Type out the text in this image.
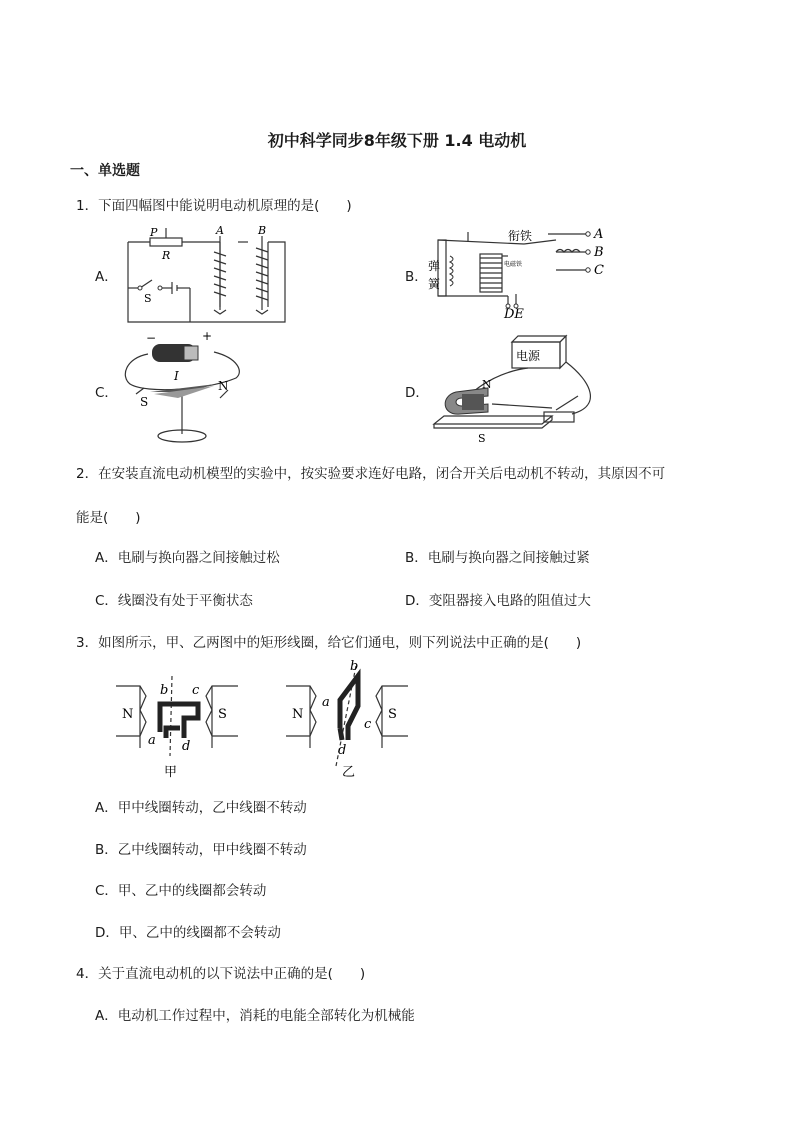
初中科学同步8年级下册 1.4 电动机
一、单选题
1．下面四幅图中能说明电动机原理的是(　　)
A．
P
R
A	B
S
B．
衔铁
弹
簧
电磁铁
A
B
C
DE
C．
−	+
I
N
S
D．
电源
N
S
2．在安装直流电动机模型的实验中，按实验要求连好电路，闭合开关后电动机不转动，其原因不可
能是(　　)
A．电刷与换向器之间接触过松	B．电刷与换向器之间接触过紧
C．线圈没有处于平衡状态	D．变阻器接入电路的阻值过大
3．如图所示，甲、乙两图中的矩形线圈，给它们通电，则下列说法中正确的是(　　)
N	S
b c
a d
甲
N	S
b
a
c
d
乙
A．甲中线圈转动，乙中线圈不转动
B．乙中线圈转动，甲中线圈不转动
C．甲、乙中的线圈都会转动
D．甲、乙中的线圈都不会转动
4．关于直流电动机的以下说法中正确的是(　　)
A．电动机工作过程中，消耗的电能全部转化为机械能
